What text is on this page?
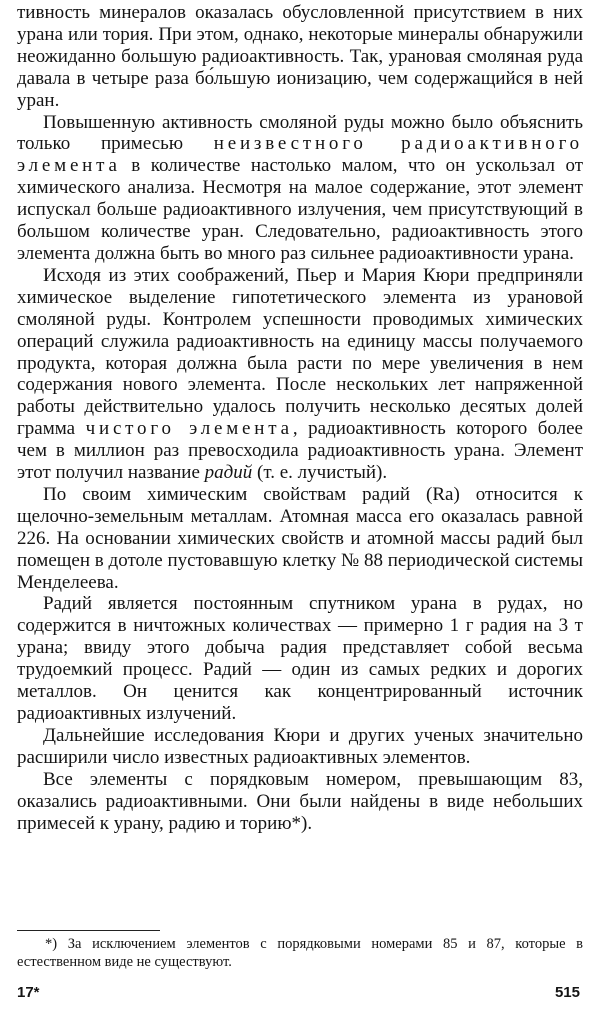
тивность минералов оказалась обусловленной присутствием в них урана или тория. При этом, однако, некоторые минералы обнаружили неожиданно большую радиоактивность. Так, урановая смоляная руда давала в четыре раза бо́льшую ионизацию, чем содержащийся в ней уран.

Повышенную активность смоляной руды можно было объяснить только примесью неизвестного радиоактивного элемента в количестве настолько малом, что он ускользал от химического анализа. Несмотря на малое содержание, этот элемент испускал больше радиоактивного излучения, чем присутствующий в большом количестве уран. Следовательно, радиоактивность этого элемента должна быть во много раз сильнее радиоактивности урана.

Исходя из этих соображений, Пьер и Мария Кюри предприняли химическое выделение гипотетического элемента из урановой смоляной руды. Контролем успешности проводимых химических операций служила радиоактивность на единицу массы получаемого продукта, которая должна была расти по мере увеличения в нем содержания нового элемента. После нескольких лет напряженной работы действительно удалось получить несколько десятых долей грамма чистого элемента, радиоактивность которого более чем в миллион раз превосходила радиоактивность урана. Элемент этот получил название радий (т. е. лучистый).

По своим химическим свойствам радий (Ra) относится к щелочно-земельным металлам. Атомная масса его оказалась равной 226. На основании химических свойств и атомной массы радий был помещен в дотоле пустовавшую клетку № 88 периодической системы Менделеева.

Радий является постоянным спутником урана в рудах, но содержится в ничтожных количествах — примерно 1 г радия на 3 т урана; ввиду этого добыча радия представляет собой весьма трудоемкий процесс. Радий — один из самых редких и дорогих металлов. Он ценится как концентрированный источник радиоактивных излучений.

Дальнейшие исследования Кюри и других ученых значительно расширили число известных радиоактивных элементов.

Все элементы с порядковым номером, превышающим 83, оказались радиоактивными. Они были найдены в виде небольших примесей к урану, радию и торию*).

*) За исключением элементов с порядковыми номерами 85 и 87, которые в естественном виде не существуют.

17*	515
